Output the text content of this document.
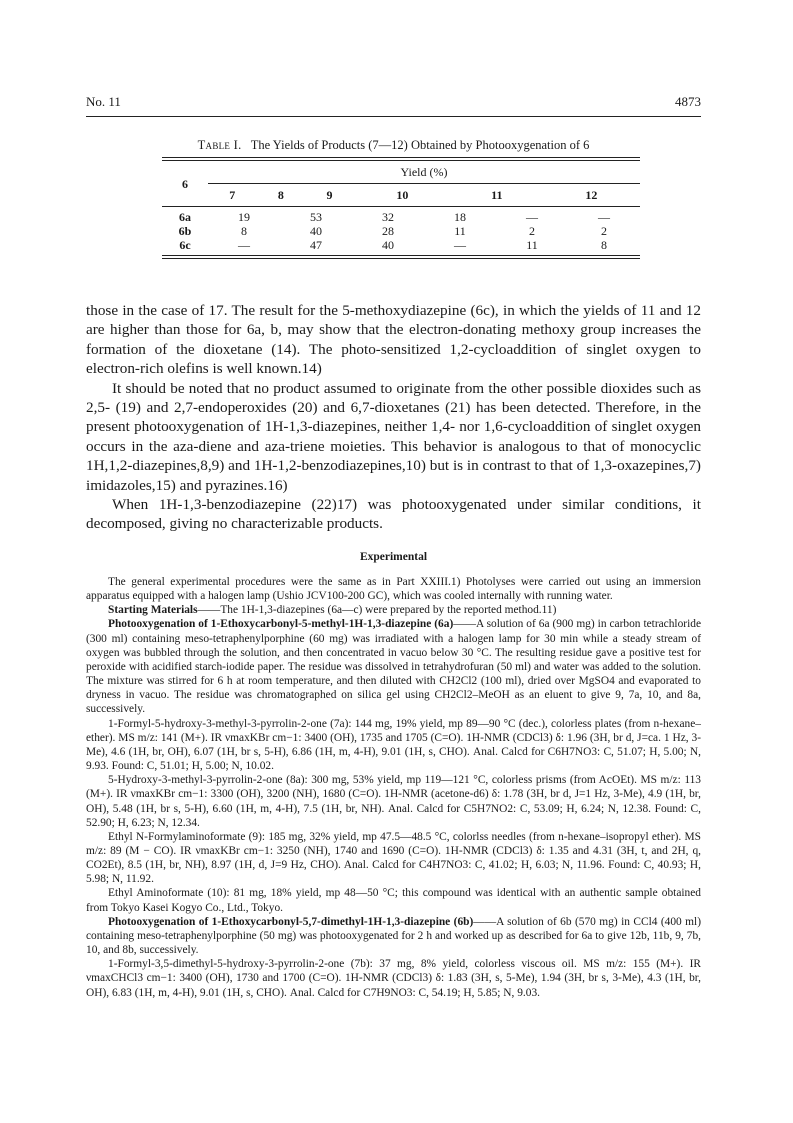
No. 11	4873
Table I. The Yields of Products (7—12) Obtained by Photooxygenation of 6
6	Yield (%)					
	7	8	9	10	11	12
6a	19	53	32	18	—	—
6b	8	40	28	11	2	2
6c	—	47	40	—	11	8

those in the case of 17. The result for the 5-methoxydiazepine (6c), in which the yields of 11 and 12 are higher than those for 6a, b, may show that the electron-donating methoxy group increases the formation of the dioxetane (14). The photo-sensitized 1,2-cycloaddition of singlet oxygen to electron-rich olefins is well known.14)

It should be noted that no product assumed to originate from the other possible dioxides such as 2,5- (19) and 2,7-endoperoxides (20) and 6,7-dioxetanes (21) has been detected. Therefore, in the present photooxygenation of 1H-1,3-diazepines, neither 1,4- nor 1,6-cycloaddition of singlet oxygen occurs in the aza-diene and aza-triene moieties. This behavior is analogous to that of monocyclic 1H,1,2-diazepines,8,9) and 1H-1,2-benzodiazepines,10) but is in contrast to that of 1,3-oxazepines,7) imidazoles,15) and pyrazines.16)

When 1H-1,3-benzodiazepine (22)17) was photooxygenated under similar conditions, it decomposed, giving no characterizable products.

Experimental

The general experimental procedures were the same as in Part XXIII.1) Photolyses were carried out using an immersion apparatus equipped with a halogen lamp (Ushio JCV100-200 GC), which was cooled internally with running water.

Starting Materials——The 1H-1,3-diazepines (6a—c) were prepared by the reported method.11)

Photooxygenation of 1-Ethoxycarbonyl-5-methyl-1H-1,3-diazepine (6a)——A solution of 6a (900 mg) in carbon tetrachloride (300 ml) containing meso-tetraphenylporphine (60 mg) was irradiated with a halogen lamp for 30 min while a steady stream of oxygen was bubbled through the solution, and then concentrated in vacuo below 30 °C. The resulting residue gave a positive test for peroxide with acidified starch-iodide paper. The residue was dissolved in tetrahydrofuran (50 ml) and water was added to the solution. The mixture was stirred for 6 h at room temperature, and then diluted with CH2Cl2 (100 ml), dried over MgSO4 and evaporated to dryness in vacuo. The residue was chromatographed on silica gel using CH2Cl2–MeOH as an eluent to give 9, 7a, 10, and 8a, successively.

1-Formyl-5-hydroxy-3-methyl-3-pyrrolin-2-one (7a): 144 mg, 19% yield, mp 89—90 °C (dec.), colorless plates (from n-hexane–ether). MS m/z: 141 (M+). IR νmaxKBr cm−1: 3400 (OH), 1735 and 1705 (C=O). 1H-NMR (CDCl3) δ: 1.96 (3H, br d, J=ca. 1 Hz, 3-Me), 4.6 (1H, br, OH), 6.07 (1H, br s, 5-H), 6.86 (1H, m, 4-H), 9.01 (1H, s, CHO). Anal. Calcd for C6H7NO3: C, 51.07; H, 5.00; N, 9.93. Found: C, 51.01; H, 5.00; N, 10.02.

5-Hydroxy-3-methyl-3-pyrrolin-2-one (8a): 300 mg, 53% yield, mp 119—121 °C, colorless prisms (from AcOEt). MS m/z: 113 (M+). IR νmaxKBr cm−1: 3300 (OH), 3200 (NH), 1680 (C=O). 1H-NMR (acetone-d6) δ: 1.78 (3H, br d, J=1 Hz, 3-Me), 4.9 (1H, br, OH), 5.48 (1H, br s, 5-H), 6.60 (1H, m, 4-H), 7.5 (1H, br, NH). Anal. Calcd for C5H7NO2: C, 53.09; H, 6.24; N, 12.38. Found: C, 52.90; H, 6.23; N, 12.34.

Ethyl N-Formylaminoformate (9): 185 mg, 32% yield, mp 47.5—48.5 °C, colorlss needles (from n-hexane–isopropyl ether). MS m/z: 89 (M − CO). IR νmaxKBr cm−1: 3250 (NH), 1740 and 1690 (C=O). 1H-NMR (CDCl3) δ: 1.35 and 4.31 (3H, t, and 2H, q, CO2Et), 8.5 (1H, br, NH), 8.97 (1H, d, J=9 Hz, CHO). Anal. Calcd for C4H7NO3: C, 41.02; H, 6.03; N, 11.96. Found: C, 40.93; H, 5.98; N, 11.92.

Ethyl Aminoformate (10): 81 mg, 18% yield, mp 48—50 °C; this compound was identical with an authentic sample obtained from Tokyo Kasei Kogyo Co., Ltd., Tokyo.

Photooxygenation of 1-Ethoxycarbonyl-5,7-dimethyl-1H-1,3-diazepine (6b)——A solution of 6b (570 mg) in CCl4 (400 ml) containing meso-tetraphenylporphine (50 mg) was photooxygenated for 2 h and worked up as described for 6a to give 12b, 11b, 9, 7b, 10, and 8b, successively.

1-Formyl-3,5-dimethyl-5-hydroxy-3-pyrrolin-2-one (7b): 37 mg, 8% yield, colorless viscous oil. MS m/z: 155 (M+). IR νmaxCHCl3 cm−1: 3400 (OH), 1730 and 1700 (C=O). 1H-NMR (CDCl3) δ: 1.83 (3H, s, 5-Me), 1.94 (3H, br s, 3-Me), 4.3 (1H, br, OH), 6.83 (1H, m, 4-H), 9.01 (1H, s, CHO). Anal. Calcd for C7H9NO3: C, 54.19; H, 5.85; N, 9.03.
